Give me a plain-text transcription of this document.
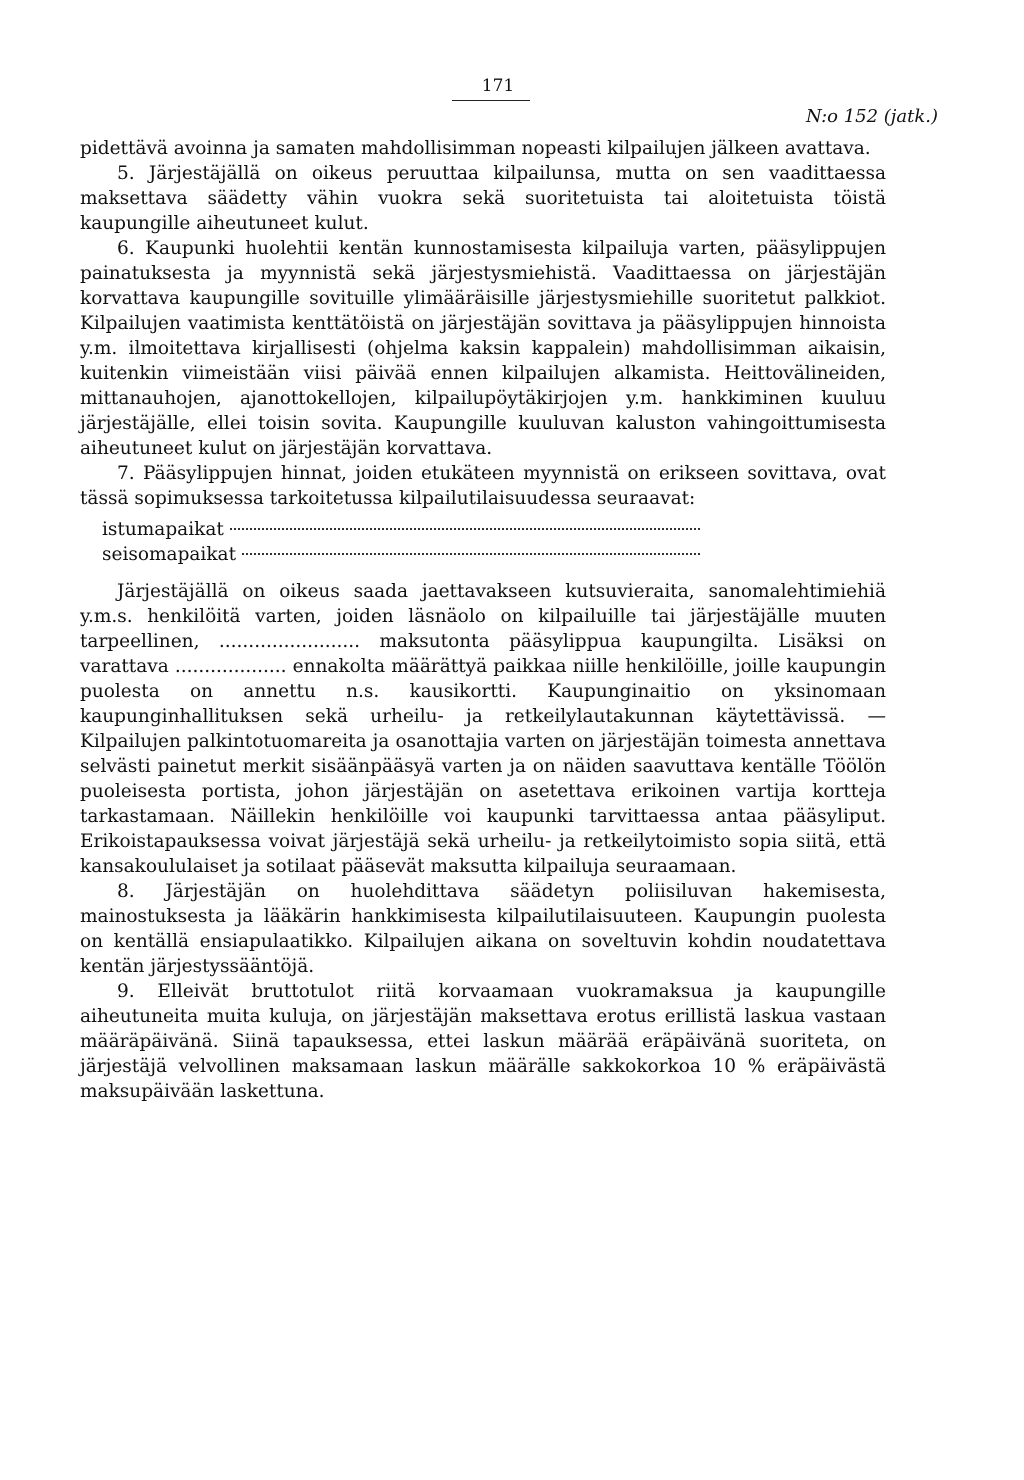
171
N:o 152 (jatk.)

pidettävä avoinna ja samaten mahdollisimman nopeasti kilpailujen jälkeen avattava.

5. Järjestäjällä on oikeus peruuttaa kilpailunsa, mutta on sen vaadittaessa maksettava säädetty vähin vuokra sekä suoritetuista tai aloitetuista töistä kaupungille aiheutuneet kulut.

6. Kaupunki huolehtii kentän kunnostamisesta kilpailuja varten, pääsylippujen painatuksesta ja myynnistä sekä järjestysmiehistä. Vaadittaessa on järjestäjän korvattava kaupungille sovituille ylimääräisille järjestysmiehille suoritetut palkkiot. Kilpailujen vaatimista kenttätöistä on järjestäjän sovittava ja pääsylippujen hinnoista y.m. ilmoitettava kirjallisesti (ohjelma kaksin kappalein) mahdollisimman aikaisin, kuitenkin viimeistään viisi päivää ennen kilpailujen alkamista. Heittovälineiden, mittanauhojen, ajanottokellojen, kilpailupöytäkirjojen y.m. hankkiminen kuuluu järjestäjälle, ellei toisin sovita. Kaupungille kuuluvan kaluston vahingoittumisesta aiheutuneet kulut on järjestäjän korvattava.

7. Pääsylippujen hinnat, joiden etukäteen myynnistä on erikseen sovittava, ovat tässä sopimuksessa tarkoitetussa kilpailutilaisuudessa seuraavat:

istumapaikat
seisomapaikat

Järjestäjällä on oikeus saada jaettavakseen kutsuvieraita, sanomalehtimiehiä y.m.s. henkilöitä varten, joiden läsnäolo on kilpailuille tai järjestäjälle muuten tarpeellinen, ........................ maksutonta pääsylippua kaupungilta. Lisäksi on varattava ................... ennakolta määrättyä paikkaa niille henkilöille, joille kaupungin puolesta on annettu n.s. kausikortti. Kaupunginaitio on yksinomaan kaupunginhallituksen sekä urheilu- ja retkeilylautakunnan käytettävissä. — Kilpailujen palkintotuomareita ja osanottajia varten on järjestäjän toimesta annettava selvästi painetut merkit sisäänpääsyä varten ja on näiden saavuttava kentälle Töölön puoleisesta portista, johon järjestäjän on asetettava erikoinen vartija kortteja tarkastamaan. Näillekin henkilöille voi kaupunki tarvittaessa antaa pääsyliput. Erikoistapauksessa voivat järjestäjä sekä urheilu- ja retkeilytoimisto sopia siitä, että kansakoululaiset ja sotilaat pääsevät maksutta kilpailuja seuraamaan.

8. Järjestäjän on huolehdittava säädetyn poliisiluvan hakemisesta, mainostuksesta ja lääkärin hankkimisesta kilpailutilaisuuteen. Kaupungin puolesta on kentällä ensiapulaatikko. Kilpailujen aikana on soveltuvin kohdin noudatettava kentän järjestyssääntöjä.

9. Elleivät bruttotulot riitä korvaamaan vuokramaksua ja kaupungille aiheutuneita muita kuluja, on järjestäjän maksettava erotus erillistä laskua vastaan määräpäivänä. Siinä tapauksessa, ettei laskun määrää eräpäivänä suoriteta, on järjestäjä velvollinen maksamaan laskun määrälle sakkokorkoa 10 % eräpäivästä maksupäivään laskettuna.
